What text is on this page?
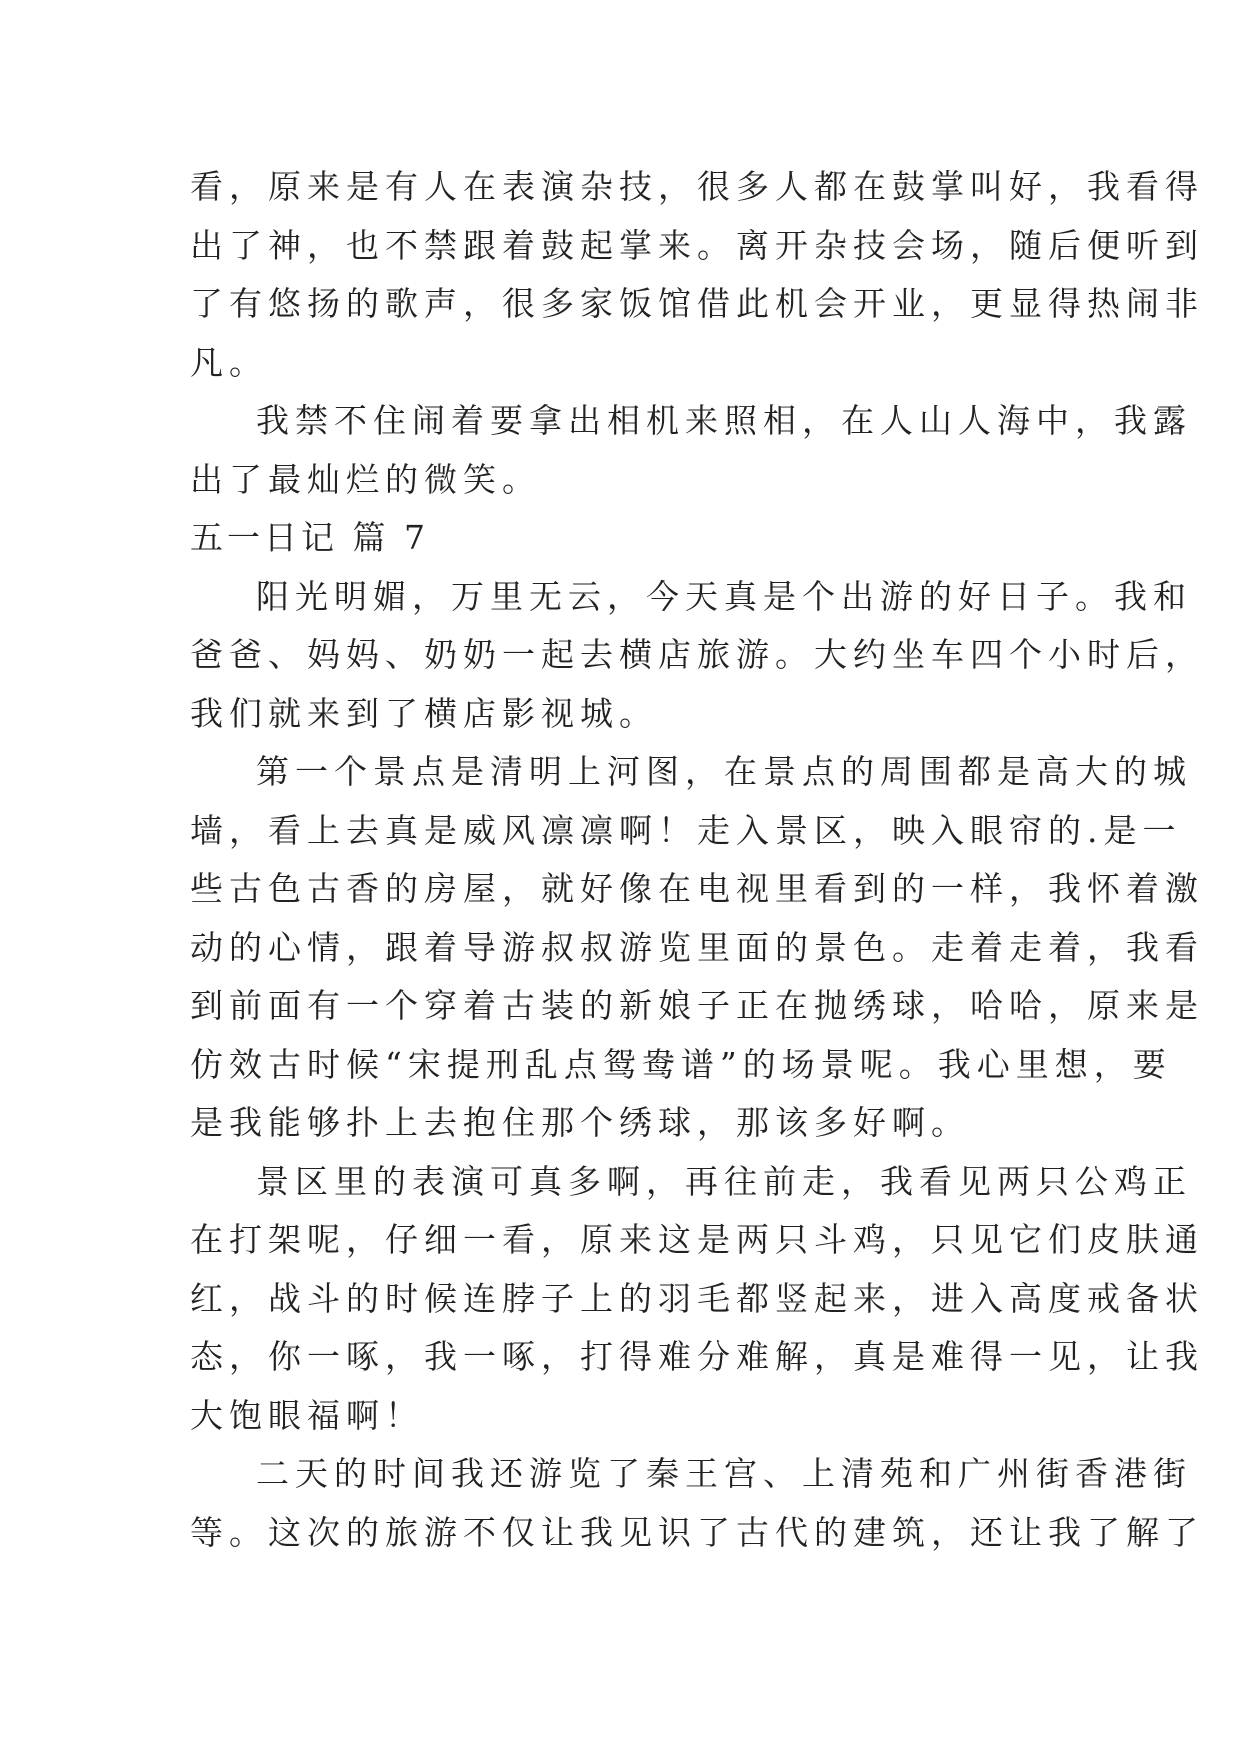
看，原来是有人在表演杂技，很多人都在鼓掌叫好，我看得
出了神，也不禁跟着鼓起掌来。离开杂技会场，随后便听到
了有悠扬的歌声，很多家饭馆借此机会开业，更显得热闹非
凡。
我禁不住闹着要拿出相机来照相，在人山人海中，我露
出了最灿烂的微笑。
五一日记 篇 7
阳光明媚，万里无云，今天真是个出游的好日子。我和
爸爸、妈妈、奶奶一起去横店旅游。大约坐车四个小时后，
我们就来到了横店影视城。
第一个景点是清明上河图，在景点的周围都是高大的城
墙，看上去真是威风凛凛啊！走入景区，映入眼帘的.是一
些古色古香的房屋，就好像在电视里看到的一样，我怀着激
动的心情，跟着导游叔叔游览里面的景色。走着走着，我看
到前面有一个穿着古装的新娘子正在抛绣球，哈哈，原来是
仿效古时候“宋提刑乱点鸳鸯谱”的场景呢。我心里想，要
是我能够扑上去抱住那个绣球，那该多好啊。
景区里的表演可真多啊，再往前走，我看见两只公鸡正
在打架呢，仔细一看，原来这是两只斗鸡，只见它们皮肤通
红，战斗的时候连脖子上的羽毛都竖起来，进入高度戒备状
态，你一啄，我一啄，打得难分难解，真是难得一见，让我
大饱眼福啊！
二天的时间我还游览了秦王宫、上清苑和广州街香港街
等。这次的旅游不仅让我见识了古代的建筑，还让我了解了
